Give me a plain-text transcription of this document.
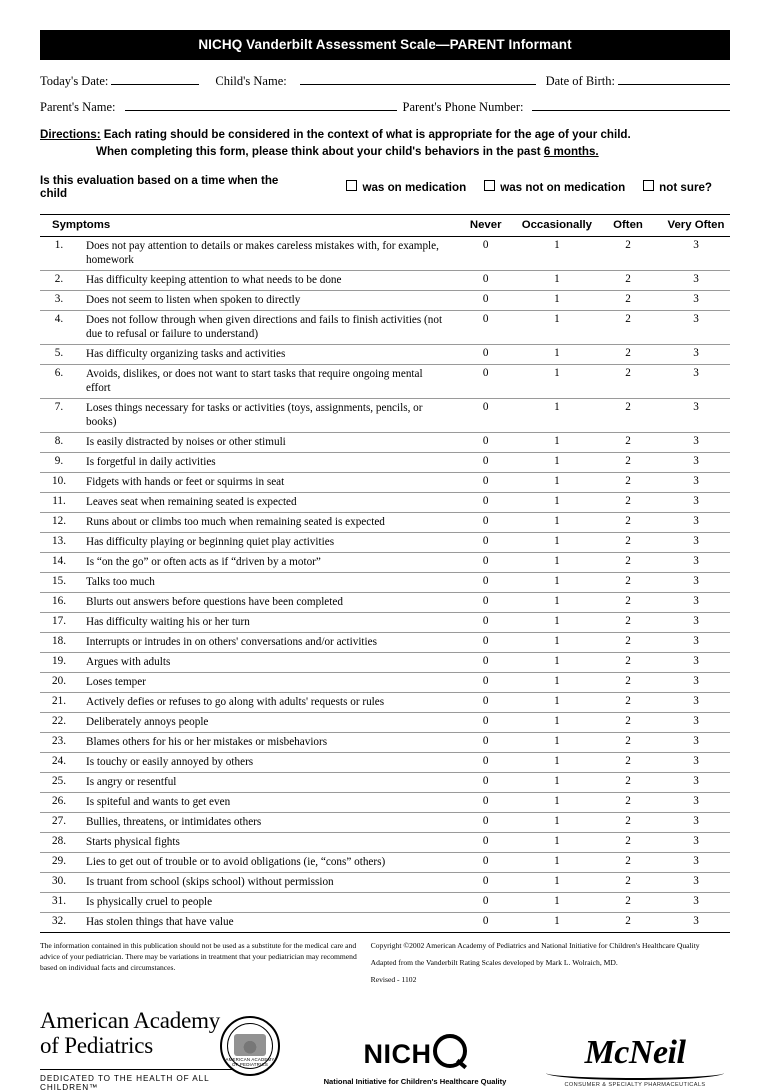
NICHQ Vanderbilt Assessment Scale—PARENT Informant
Today's Date:	Child's Name:	Date of Birth:
Parent's Name:	Parent's Phone Number:
Directions: Each rating should be considered in the context of what is appropriate for the age of your child.
When completing this form, please think about your child's behaviors in the past 6 months.
Is this evaluation based on a time when the child	was on medication	was not on medication	not sure?
Symptoms		Never	Occasionally	Often	Very Often
1.	Does not pay attention to details or makes careless mistakes with, for example, homework	0	1	2	3
2.	Has difficulty keeping attention to what needs to be done	0	1	2	3
3.	Does not seem to listen when spoken to directly	0	1	2	3
4.	Does not follow through when given directions and fails to finish activities (not due to refusal or failure to understand)	0	1	2	3
5.	Has difficulty organizing tasks and activities	0	1	2	3
6.	Avoids, dislikes, or does not want to start tasks that require ongoing mental effort	0	1	2	3
7.	Loses things necessary for tasks or activities (toys, assignments, pencils, or books)	0	1	2	3
8.	Is easily distracted by noises or other stimuli	0	1	2	3
9.	Is forgetful in daily activities	0	1	2	3
10.	Fidgets with hands or feet or squirms in seat	0	1	2	3
11.	Leaves seat when remaining seated is expected	0	1	2	3
12.	Runs about or climbs too much when remaining seated is expected	0	1	2	3
13.	Has difficulty playing or beginning quiet play activities	0	1	2	3
14.	Is “on the go” or often acts as if “driven by a motor”	0	1	2	3
15.	Talks too much	0	1	2	3
16.	Blurts out answers before questions have been completed	0	1	2	3
17.	Has difficulty waiting his or her turn	0	1	2	3
18.	Interrupts or intrudes in on others' conversations and/or activities	0	1	2	3
19.	Argues with adults	0	1	2	3
20.	Loses temper	0	1	2	3
21.	Actively defies or refuses to go along with adults' requests or rules	0	1	2	3
22.	Deliberately annoys people	0	1	2	3
23.	Blames others for his or her mistakes or misbehaviors	0	1	2	3
24.	Is touchy or easily annoyed by others	0	1	2	3
25.	Is angry or resentful	0	1	2	3
26.	Is spiteful and wants to get even	0	1	2	3
27.	Bullies, threatens, or intimidates others	0	1	2	3
28.	Starts physical fights	0	1	2	3
29.	Lies to get out of trouble or to avoid obligations (ie, “cons” others)	0	1	2	3
30.	Is truant from school (skips school) without permission	0	1	2	3
31.	Is physically cruel to people	0	1	2	3
32.	Has stolen things that have value	0	1	2	3

The information contained in this publication should not be used as a substitute for the medical care and advice of your pediatrician. There may be variations in treatment that your pediatrician may recommend based on individual facts and circumstances.

Copyright ©2002 American Academy of Pediatrics and National Initiative for Children's Healthcare Quality

Adapted from the Vanderbilt Rating Scales developed by Mark L. Wolraich, MD.

Revised - 1102

American Academy
of Pediatrics
DEDICATED TO THE HEALTH OF ALL CHILDREN™
AMERICAN ACADEMY OF PEDIATRICS	NICH
National Initiative for Children's Healthcare Quality
McNeil
CONSUMER & SPECIALTY PHARMACEUTICALS
